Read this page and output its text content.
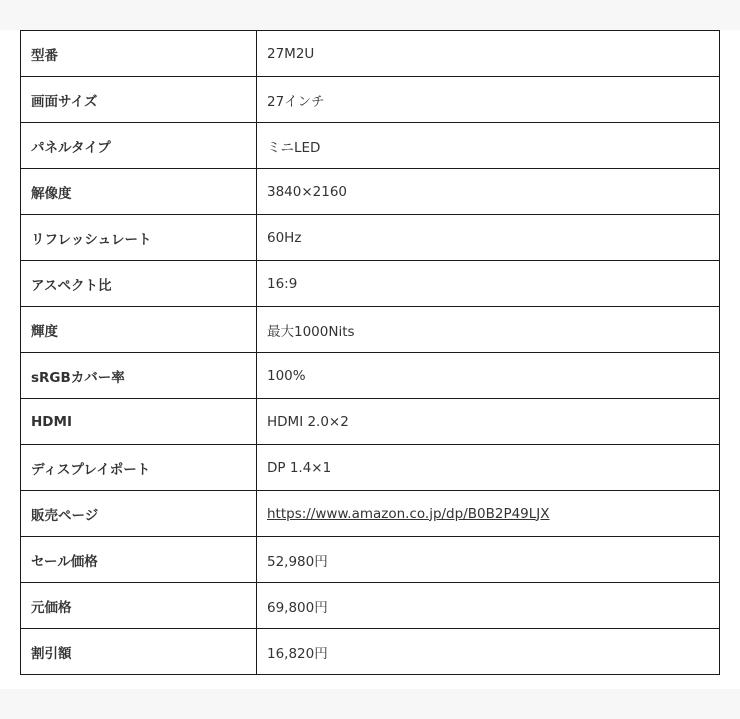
型番	27M2U
画面サイズ	27インチ
パネルタイプ	ミニLED
解像度	3840×2160
リフレッシュレート	60Hz
アスペクト比	16:9
輝度	最大1000Nits
sRGBカバー率	100%
HDMI	HDMI 2.0×2
ディスプレイポート	DP 1.4×1
販売ページ	https://www.amazon.co.jp/dp/B0B2P49LJX
セール価格	52,980円
元価格	69,800円
割引額	16,820円
